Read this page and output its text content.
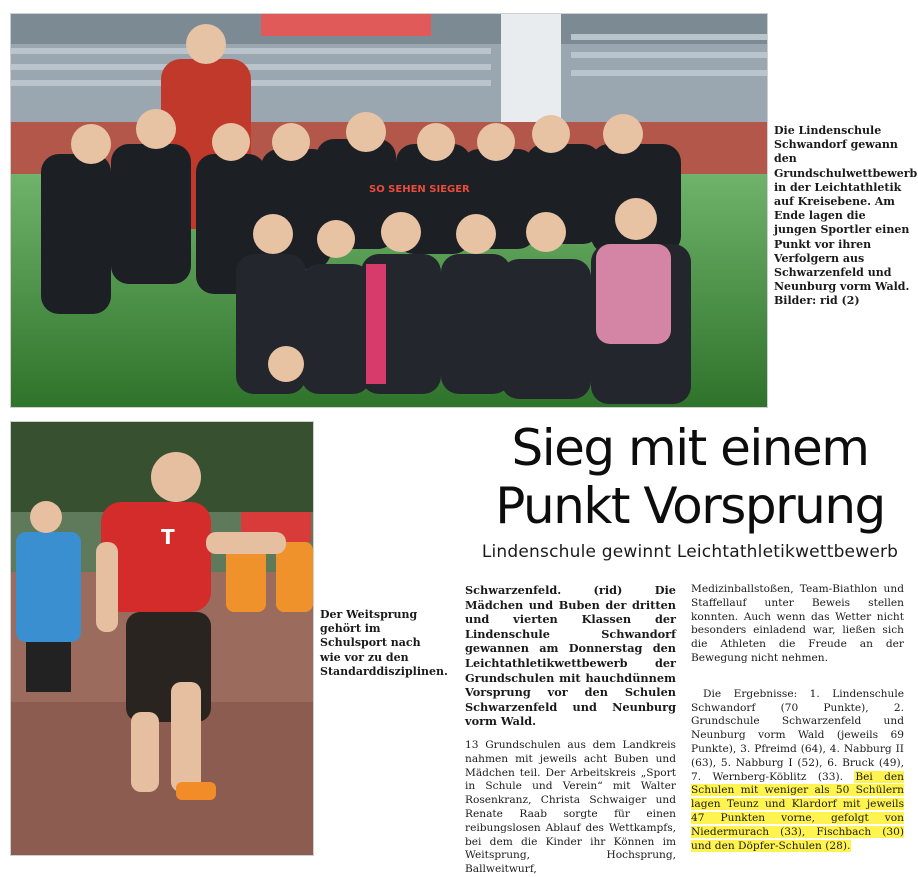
SO SEHEN SIEGER
Die Lindenschule Schwandorf gewann den Grundschulwettbewerb in der Leichtathletik auf Kreisebene. Am Ende lagen die jungen Sportler einen Punkt vor ihren Verfolgern aus Schwarzenfeld und Neunburg vorm Wald. Bilder: rid (2)
T
Der Weitsprung gehört im Schulsport nach wie vor zu den Standarddisziplinen.
Sieg mit einem
Punkt Vorsprung
Lindenschule gewinnt Leichtathletikwettbewerb

Schwarzenfeld. (rid)	Die Mädchen und Buben der dritten und vierten Klassen der Lindenschule Schwandorf gewannen am Donnerstag den Leichtathletikwettbewerb der Grundschulen mit hauchdünnem Vorsprung vor den Schulen Schwarzenfeld und Neunburg vorm Wald.

13 Grundschulen aus dem Landkreis nahmen mit jeweils acht Buben und Mädchen teil. Der Arbeitskreis „Sport in Schule und Verein“ mit Walter Rosenkranz, Christa Schwaiger und Renate Raab sorgte für einen reibungslosen Ablauf des Wettkampfs, bei dem die Kinder ihr Können im Weitsprung, Hochsprung, Ballweitwurf,

Medizinballstoßen, Team-Biathlon und Staffellauf unter Beweis stellen konnten. Auch wenn das Wetter nicht besonders einladend war, ließen sich die Athleten die Freude an der Bewegung nicht nehmen.

Die Ergebnisse: 1. Lindenschule Schwandorf (70 Punkte), 2. Grundschule Schwarzenfeld und Neunburg vorm Wald (jeweils 69 Punkte), 3. Pfreimd (64), 4. Nabburg II (63), 5. Nabburg I (52), 6. Bruck (49), 7. Wernberg-Köblitz (33). Bei den Schulen mit weniger als 50 Schülern lagen Teunz und Klardorf mit jeweils 47 Punkten vorne, gefolgt von Niedermurach (33), Fischbach (30) und den Döpfer-Schulen (28).
